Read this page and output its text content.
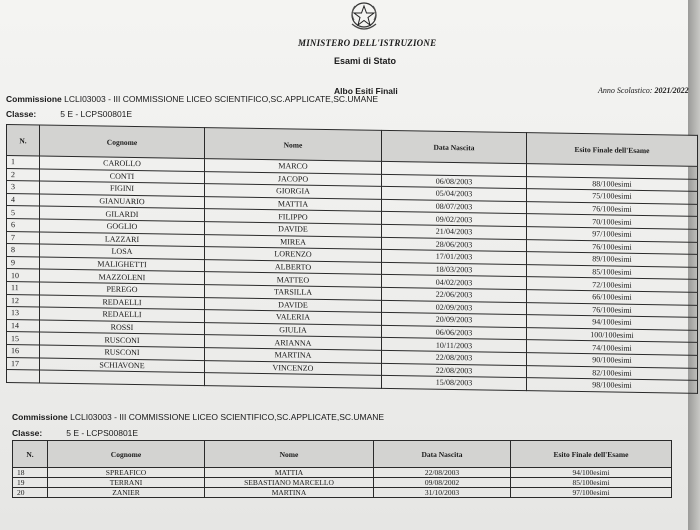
MINISTERO DELL'ISTRUZIONE
Esami di Stato
Albo Esiti Finali	Anno Scolastico: 2021/2022
Commissione LCLI03003 - III COMMISSIONE LICEO SCIENTIFICO,SC.APPLICATE,SC.UMANE
Classe:	5 E - LCPS00801E
N.	Cognome	Nome	Data Nascita	Esito Finale dell'Esame
1	CAROLLO	MARCO		
2	CONTI	JACOPO	06/08/2003	88/100esimi
3	FIGINI	GIORGIA	05/04/2003	75/100esimi
4	GIANUARIO	MATTIA	08/07/2003	76/100esimi
5	GILARDI	FILIPPO	09/02/2003	70/100esimi
6	GOGLIO	DAVIDE	21/04/2003	97/100esimi
7	LAZZARI	MIREA	28/06/2003	76/100esimi
8	LOSA	LORENZO	17/01/2003	89/100esimi
9	MALIGHETTI	ALBERTO	18/03/2003	85/100esimi
10	MAZZOLENI	MATTEO	04/02/2003	72/100esimi
11	PEREGO	TARSILLA	22/06/2003	66/100esimi
12	REDAELLI	DAVIDE	02/09/2003	76/100esimi
13	REDAELLI	VALERIA	20/09/2003	94/100esimi
14	ROSSI	GIULIA	06/06/2003	100/100esimi
15	RUSCONI	ARIANNA	10/11/2003	74/100esimi
16	RUSCONI	MARTINA	22/08/2003	90/100esimi
17	SCHIAVONE	VINCENZO	22/08/2003	82/100esimi
			15/08/2003	98/100esimi
Commissione LCLI03003 - III COMMISSIONE LICEO SCIENTIFICO,SC.APPLICATE,SC.UMANE
Classe:	5 E - LCPS00801E
N.	Cognome	Nome	Data Nascita	Esito Finale dell'Esame
18	SPREAFICO	MATTIA	22/08/2003	94/100esimi
19	TERRANI	SEBASTIANO MARCELLO	09/08/2002	85/100esimi
20	ZANIER	MARTINA	31/10/2003	97/100esimi
